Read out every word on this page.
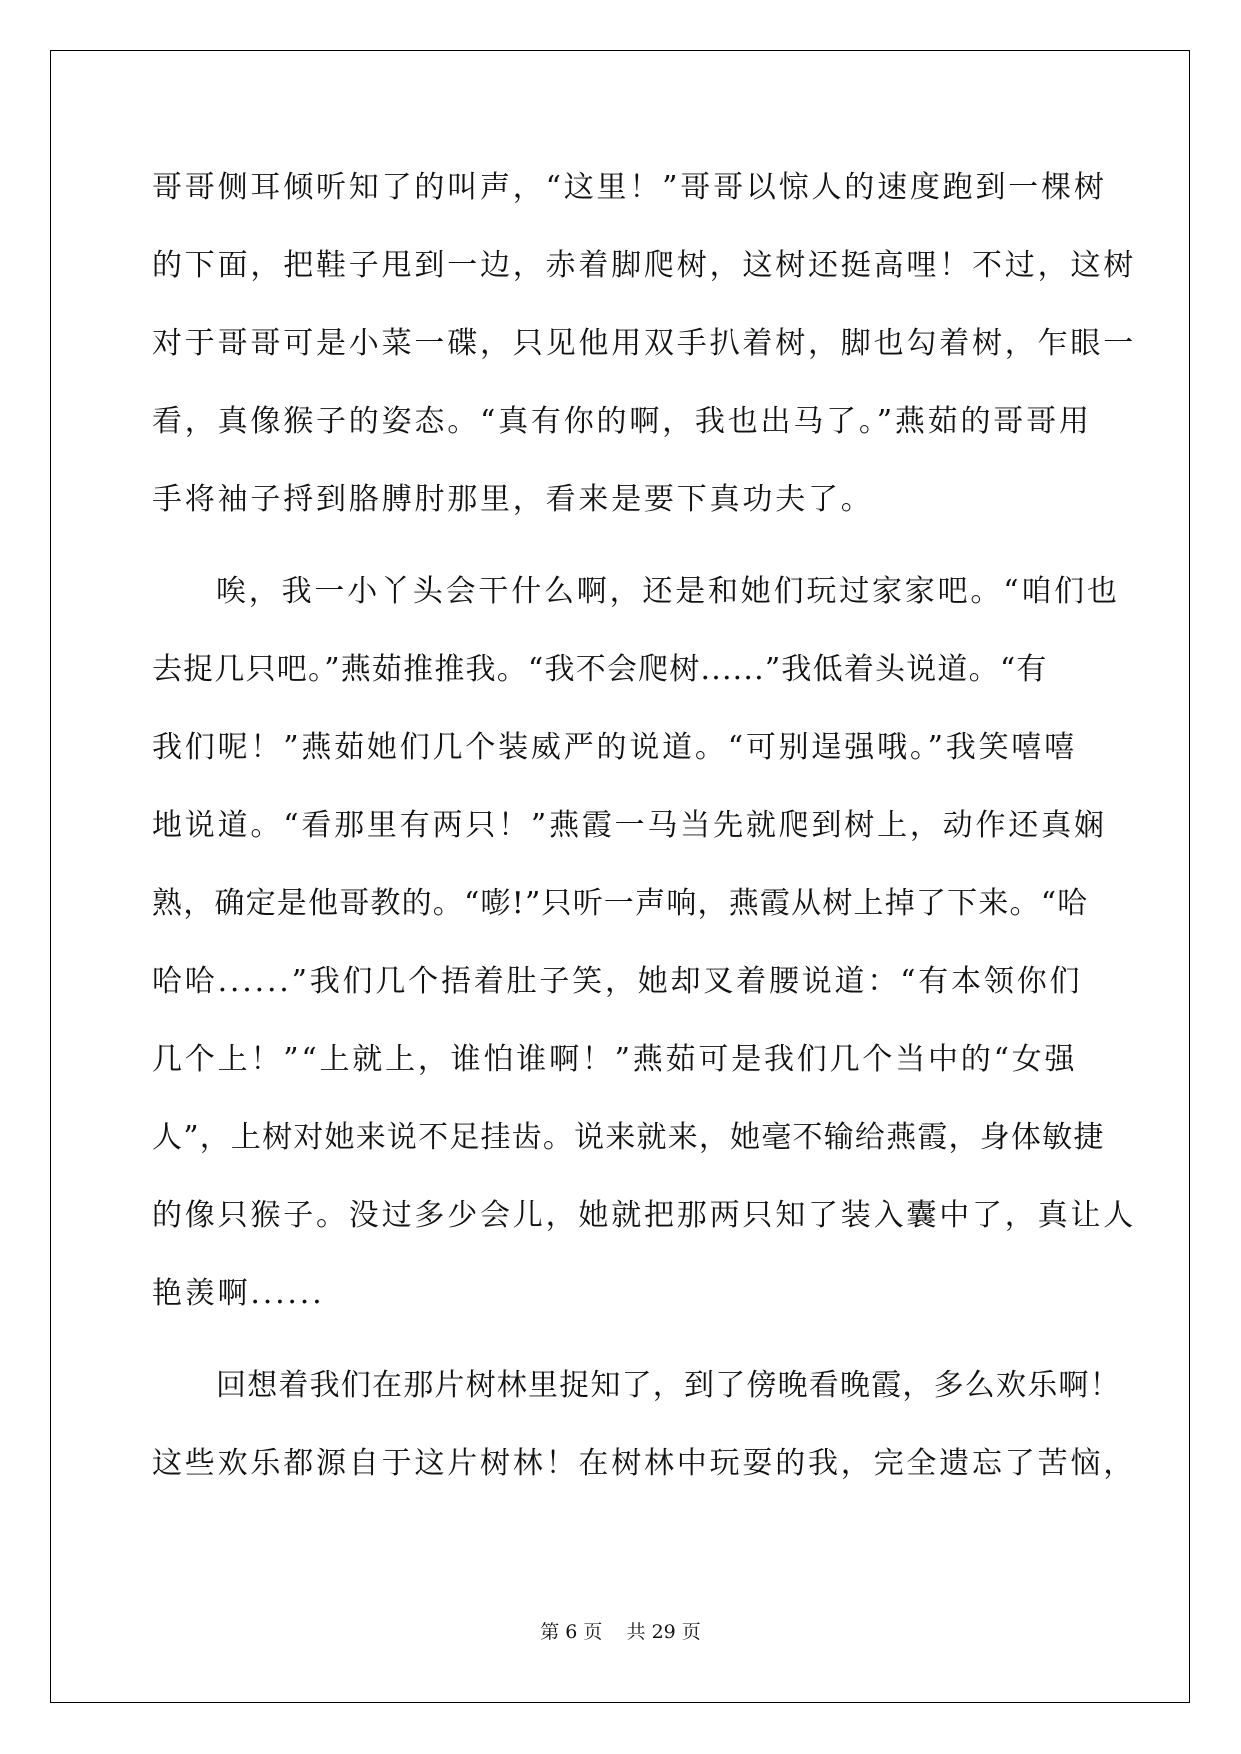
哥哥侧耳倾听知了的叫声，“这里！”哥哥以惊人的速度跑到一棵树
的下面，把鞋子甩到一边，赤着脚爬树，这树还挺高哩！不过，这树
对于哥哥可是小菜一碟，只见他用双手扒着树，脚也勾着树，乍眼一
看，真像猴子的姿态。“真有你的啊，我也出马了。”燕茹的哥哥用
手将袖子捋到胳膊肘那里，看来是要下真功夫了。
唉，我一小丫头会干什么啊，还是和她们玩过家家吧。“咱们也
去捉几只吧。”燕茹推推我。“我不会爬树......”我低着头说道。“有
我们呢！”燕茹她们几个装威严的说道。“可别逞强哦。”我笑嘻嘻
地说道。“看那里有两只！”燕霞一马当先就爬到树上，动作还真娴
熟，确定是他哥教的。“嘭!”只听一声响，燕霞从树上掉了下来。“哈
哈哈......”我们几个捂着肚子笑，她却叉着腰说道：“有本领你们
几个上！”“上就上，谁怕谁啊！”燕茹可是我们几个当中的“女强
人”，上树对她来说不足挂齿。说来就来，她毫不输给燕霞，身体敏捷
的像只猴子。没过多少会儿，她就把那两只知了装入囊中了，真让人
艳羡啊......
回想着我们在那片树林里捉知了，到了傍晚看晚霞，多么欢乐啊！
这些欢乐都源自于这片树林！在树林中玩耍的我，完全遗忘了苦恼，
第 6 页    共 29 页
